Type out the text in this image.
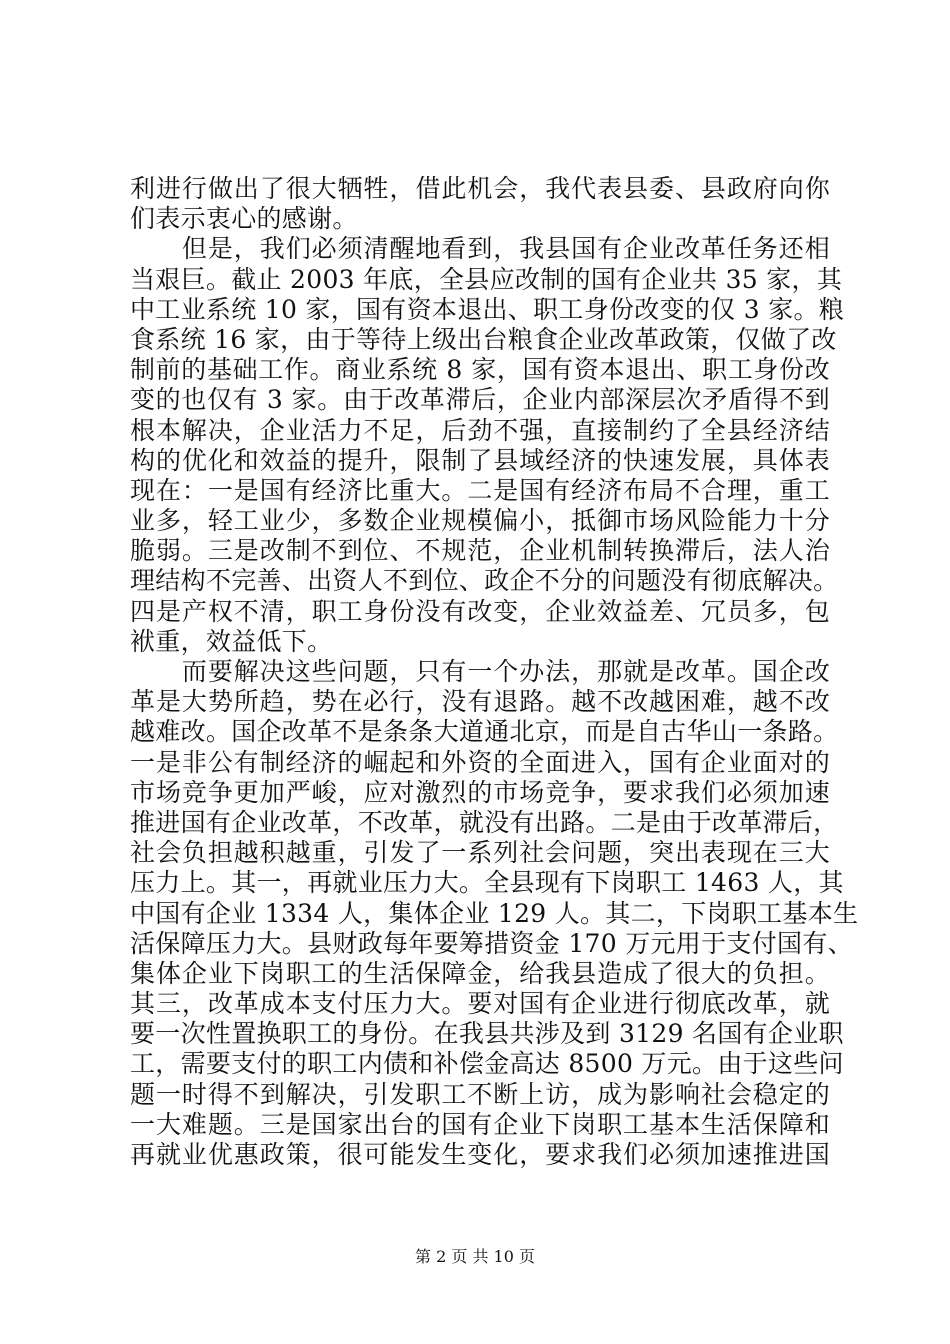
利进行做出了很大牺牲，借此机会，我代表县委、县政府向你
们表示衷心的感谢。
　　但是，我们必须清醒地看到，我县国有企业改革任务还相
当艰巨。截止 2003 年底，全县应改制的国有企业共 35 家，其
中工业系统 10 家，国有资本退出、职工身份改变的仅 3 家。粮
食系统 16 家，由于等待上级出台粮食企业改革政策，仅做了改
制前的基础工作。商业系统 8 家，国有资本退出、职工身份改
变的也仅有 3 家。由于改革滞后，企业内部深层次矛盾得不到
根本解决，企业活力不足，后劲不强，直接制约了全县经济结
构的优化和效益的提升，限制了县域经济的快速发展，具体表
现在：一是国有经济比重大。二是国有经济布局不合理，重工
业多，轻工业少，多数企业规模偏小，抵御市场风险能力十分
脆弱。三是改制不到位、不规范，企业机制转换滞后，法人治
理结构不完善、出资人不到位、政企不分的问题没有彻底解决。
四是产权不清，职工身份没有改变，企业效益差、冗员多，包
袱重，效益低下。
　　而要解决这些问题，只有一个办法，那就是改革。国企改
革是大势所趋，势在必行，没有退路。越不改越困难，越不改
越难改。国企改革不是条条大道通北京，而是自古华山一条路。
一是非公有制经济的崛起和外资的全面进入，国有企业面对的
市场竞争更加严峻，应对激烈的市场竞争，要求我们必须加速
推进国有企业改革，不改革，就没有出路。二是由于改革滞后，
社会负担越积越重，引发了一系列社会问题，突出表现在三大
压力上。其一，再就业压力大。全县现有下岗职工 1463 人，其
中国有企业 1334 人，集体企业 129 人。其二，下岗职工基本生
活保障压力大。县财政每年要筹措资金 170 万元用于支付国有、
集体企业下岗职工的生活保障金，给我县造成了很大的负担。
其三，改革成本支付压力大。要对国有企业进行彻底改革，就
要一次性置换职工的身份。在我县共涉及到 3129 名国有企业职
工，需要支付的职工内债和补偿金高达 8500 万元。由于这些问
题一时得不到解决，引发职工不断上访，成为影响社会稳定的
一大难题。三是国家出台的国有企业下岗职工基本生活保障和
再就业优惠政策，很可能发生变化，要求我们必须加速推进国
第 2 页 共 10 页
